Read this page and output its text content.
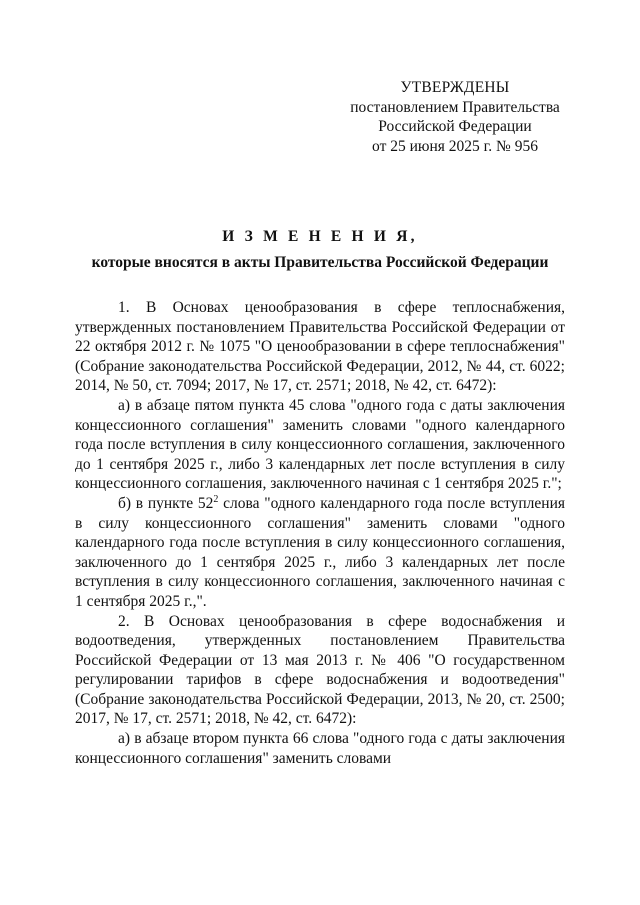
УТВЕРЖДЕНЫ
постановлением Правительства
Российской Федерации
от 25 июня 2025 г. № 956
И З М Е Н Е Н И Я,
которые вносятся в акты Правительства Российской Федерации

1. В Основах ценообразования в сфере теплоснабжения, утвержденных постановлением Правительства Российской Федерации от 22 октября 2012 г. № 1075 "О ценообразовании в сфере теплоснабжения" (Собрание законодательства Российской Федерации, 2012, № 44, ст. 6022; 2014, № 50, ст. 7094; 2017, № 17, ст. 2571; 2018, № 42, ст. 6472):

а) в абзаце пятом пункта 45 слова "одного года с даты заключения концессионного соглашения" заменить словами "одного календарного года после вступления в силу концессионного соглашения, заключенного до 1 сентября 2025 г., либо 3 календарных лет после вступления в силу концессионного соглашения, заключенного начиная с 1 сентября 2025 г.";

б) в пункте $52^2$ слова "одного календарного года после вступления в силу концессионного соглашения" заменить словами "одного календарного года после вступления в силу концессионного соглашения, заключенного до 1 сентября 2025 г., либо 3 календарных лет после вступления в силу концессионного соглашения, заключенного начиная с 1 сентября 2025 г.,".

2. В Основах ценообразования в сфере водоснабжения и водоотведения, утвержденных постановлением Правительства Российской Федерации от 13 мая 2013 г. № 406 "О государственном регулировании тарифов в сфере водоснабжения и водоотведения" (Собрание законодательства Российской Федерации, 2013, № 20, ст. 2500; 2017, № 17, ст. 2571; 2018, № 42, ст. 6472):

а) в абзаце втором пункта 66 слова "одного года с даты заключения концессионного соглашения" заменить словами
